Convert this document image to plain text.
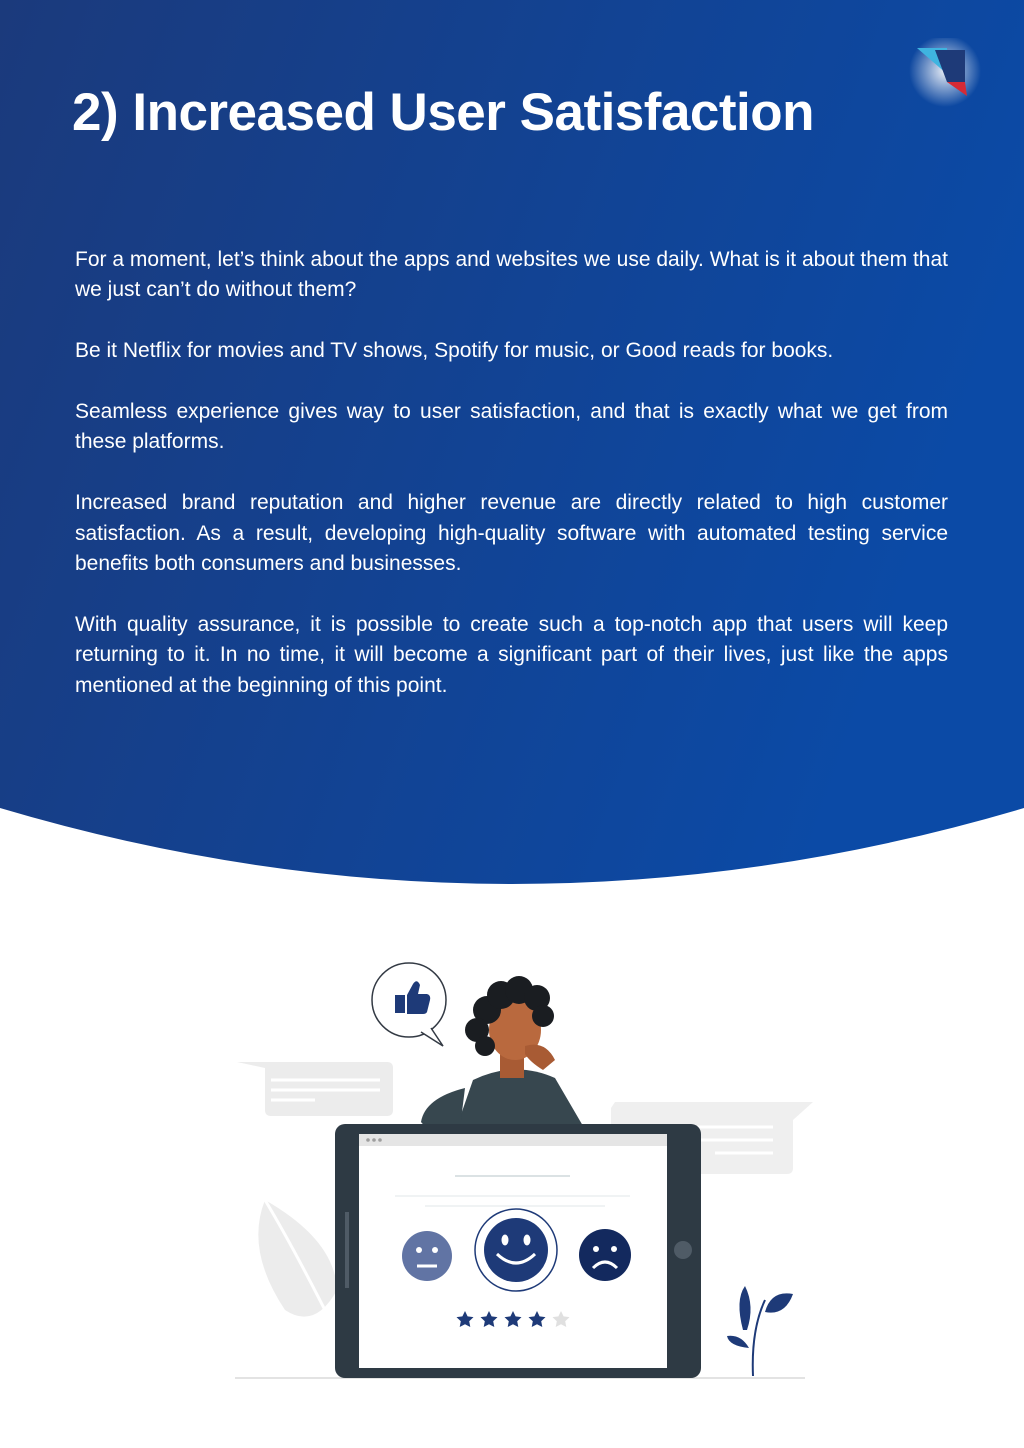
2) Increased User Satisfaction

For a moment, let’s think about the apps and websites we use daily. What is it about them that we just can’t do without them?

Be it Netflix for movies and TV shows, Spotify for music, or Good reads for books.

Seamless experience gives way to user satisfaction, and that is exactly what we get from these platforms.

Increased brand reputation and higher revenue are directly related to high customer satisfaction. As a result, developing high-quality software with automated testing service benefits both consumers and businesses.

With quality assurance, it is possible to create such a top-notch app that users will keep returning to it. In no time, it will become a significant part of their lives, just like the apps mentioned at the beginning of this point.
